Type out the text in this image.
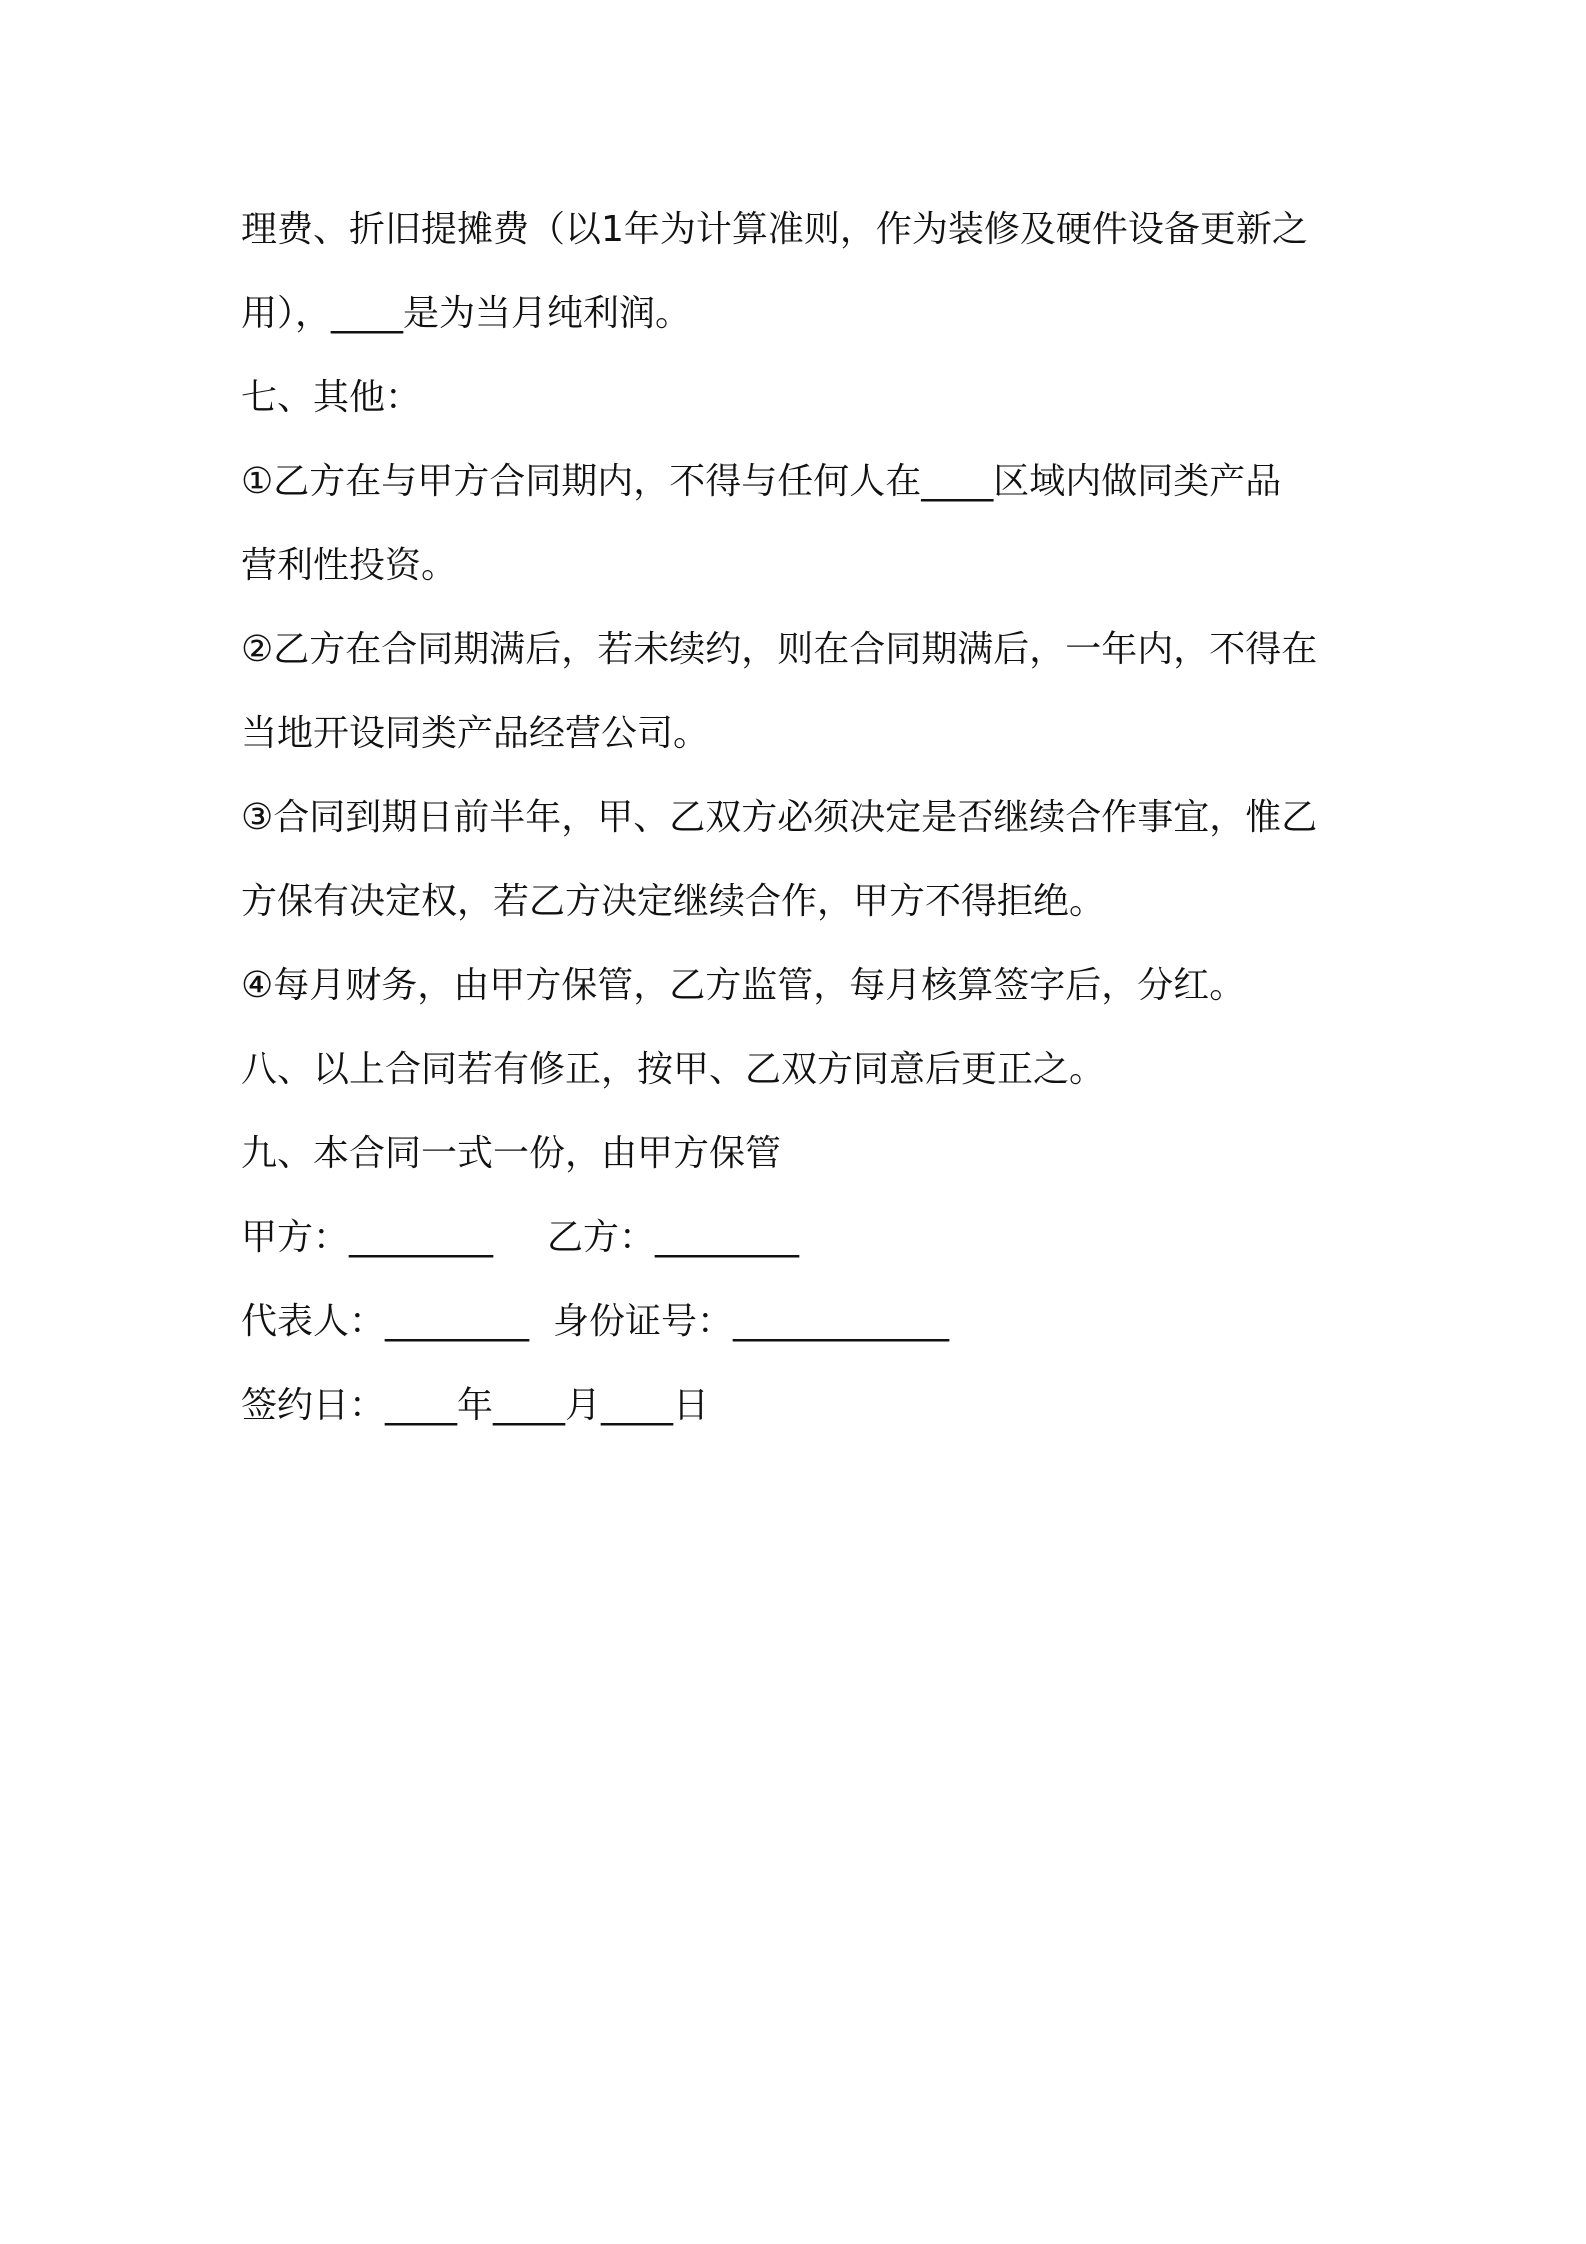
理费、折旧提摊费（以1年为计算准则，作为装修及硬件设备更新之
用），____是为当月纯利润。
七、其他：
①乙方在与甲方合同期内，不得与任何人在____区域内做同类产品
营利性投资。
②乙方在合同期满后，若未续约，则在合同期满后，一年内，不得在
当地开设同类产品经营公司。
③合同到期日前半年，甲、乙双方必须决定是否继续合作事宜，惟乙
方保有决定权，若乙方决定继续合作，甲方不得拒绝。
④每月财务，由甲方保管，乙方监管，每月核算签字后，分红。
八、以上合同若有修正，按甲、乙双方同意后更正之。
九、本合同一式一份，由甲方保管
甲方：________ 乙方：________
代表人：________ 身份证号：____________
签约日：____年____月____日
